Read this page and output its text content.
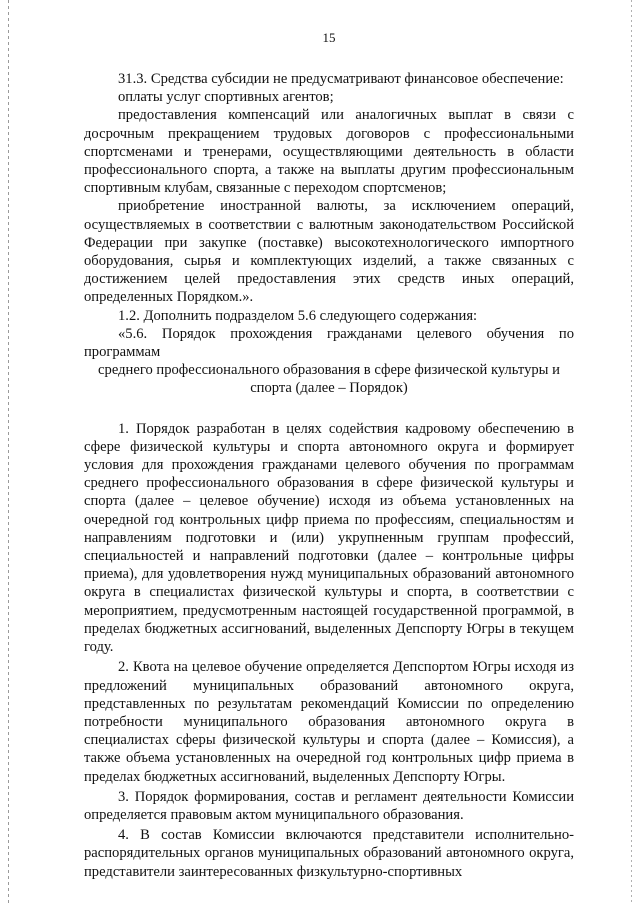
15

31.3. Средства субсидии не предусматривают финансовое обеспечение:

оплаты услуг спортивных агентов;

предоставления компенсаций или аналогичных выплат в связи с досрочным прекращением трудовых договоров с профессиональными спортсменами и тренерами, осуществляющими деятельность в области профессионального спорта, а также на выплаты другим профессиональным спортивным клубам, связанные с переходом спортсменов;

приобретение иностранной валюты, за исключением операций, осуществляемых в соответствии с валютным законодательством Российской Федерации при закупке (поставке) высокотехнологического импортного оборудования, сырья и комплектующих изделий, а также связанных с достижением целей предоставления этих средств иных операций, определенных Порядком.».

1.2. Дополнить подразделом 5.6 следующего содержания:

«5.6. Порядок прохождения гражданами целевого обучения по программам

среднего профессионального образования в сфере физической культуры и

спорта (далее – Порядок)

1. Порядок разработан в целях содействия кадровому обеспечению в сфере физической культуры и спорта автономного округа и формирует условия для прохождения гражданами целевого обучения по программам среднего профессионального образования в сфере физической культуры и спорта (далее – целевое обучение) исходя из объема установленных на очередной год контрольных цифр приема по профессиям, специальностям и направлениям подготовки и (или) укрупненным группам профессий, специальностей и направлений подготовки (далее – контрольные цифры приема), для удовлетворения нужд муниципальных образований автономного округа в специалистах физической культуры и спорта, в соответствии с мероприятием, предусмотренным настоящей государственной программой, в пределах бюджетных ассигнований, выделенных Депспорту Югры в текущем году.

2. Квота на целевое обучение определяется Депспортом Югры исходя из предложений муниципальных образований автономного округа, представленных по результатам рекомендаций Комиссии по определению потребности муниципального образования автономного округа в специалистах сферы физической культуры и спорта (далее – Комиссия), а также объема установленных на очередной год контрольных цифр приема в пределах бюджетных ассигнований, выделенных Депспорту Югры.

3. Порядок формирования, состав и регламент деятельности Комиссии определяется правовым актом муниципального образования.

4. В состав Комиссии включаются представители исполнительно-распорядительных органов муниципальных образований автономного округа, представители заинтересованных физкультурно-спортивных
